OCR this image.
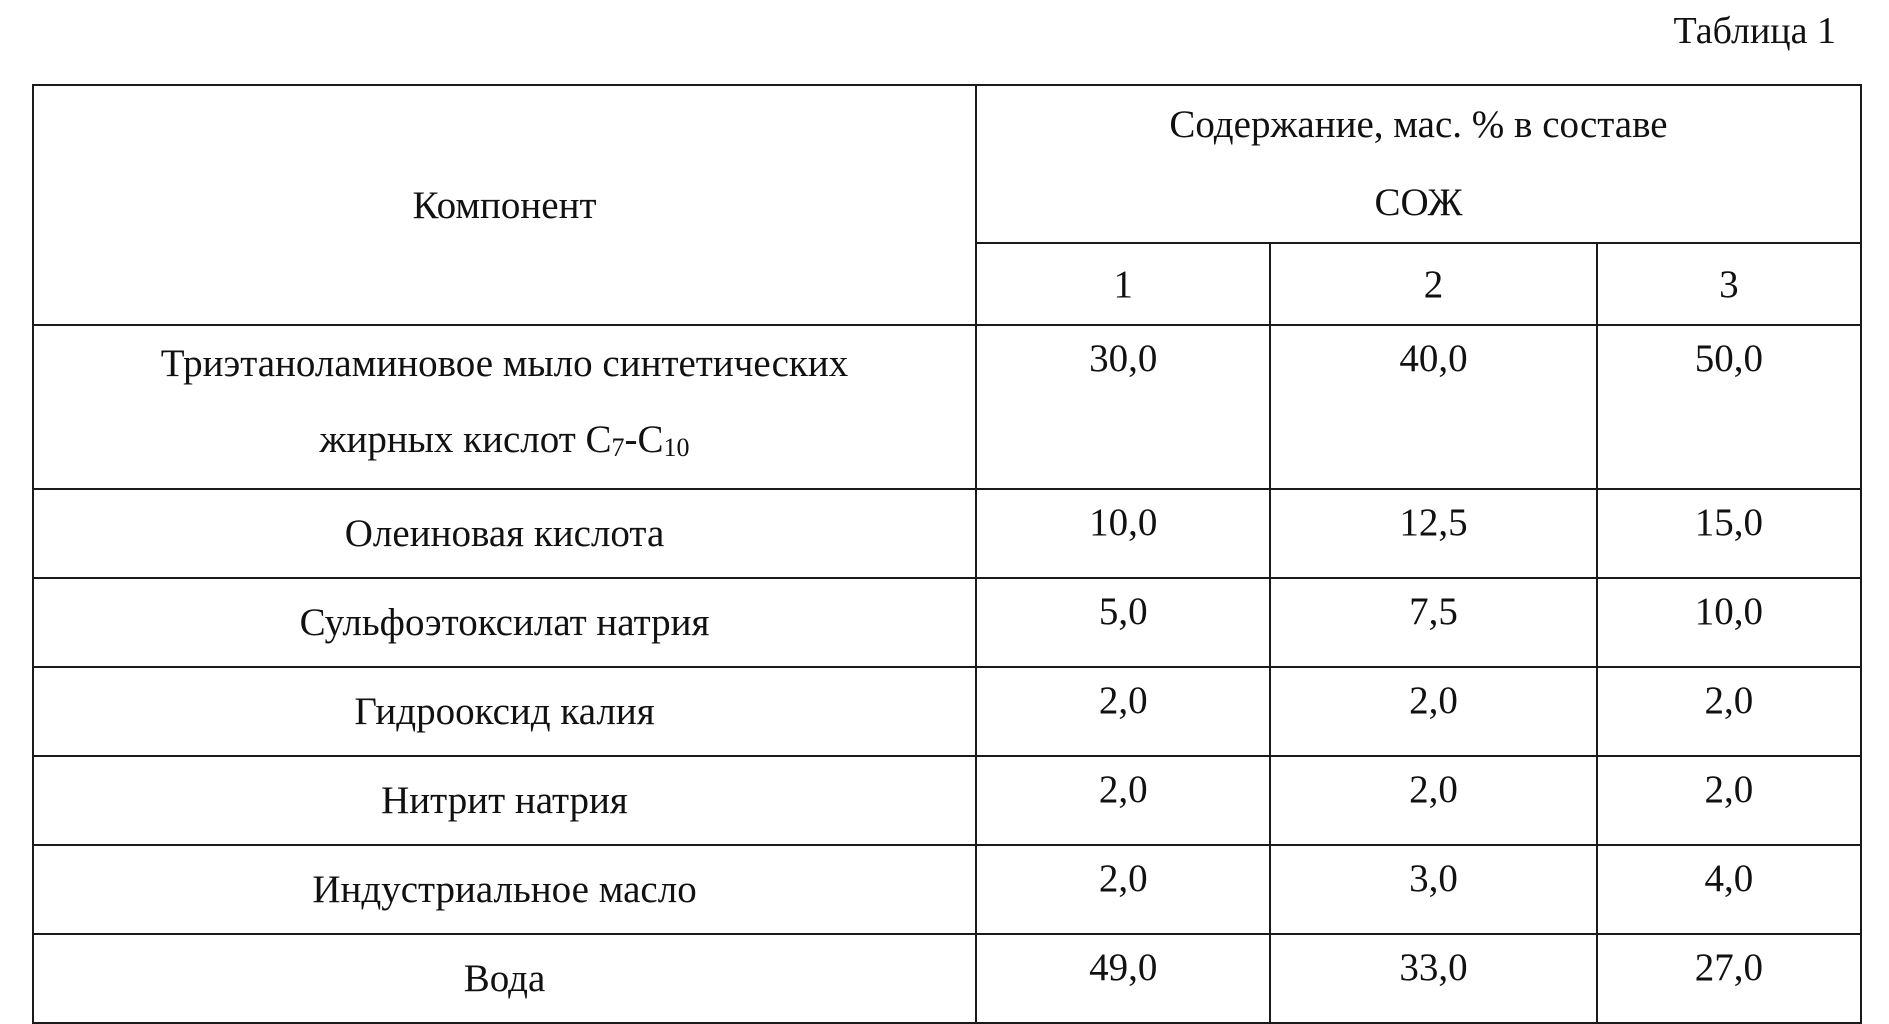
Таблица 1
Компонент	Содержание, мас. % в составе
СОЖ		

	1	2	3
Триэтаноламиновое мыло синтетических
жирных кислот $C_7-C_{10}$	30,0	40,0	50,0
Олеиновая кислота	10,0	12,5	15,0
Сульфоэтоксилат натрия	5,0	7,5	10,0
Гидрооксид калия	2,0	2,0	2,0
Нитрит натрия	2,0	2,0	2,0
Индустриальное масло	2,0	3,0	4,0
Вода	49,0	33,0	27,0
